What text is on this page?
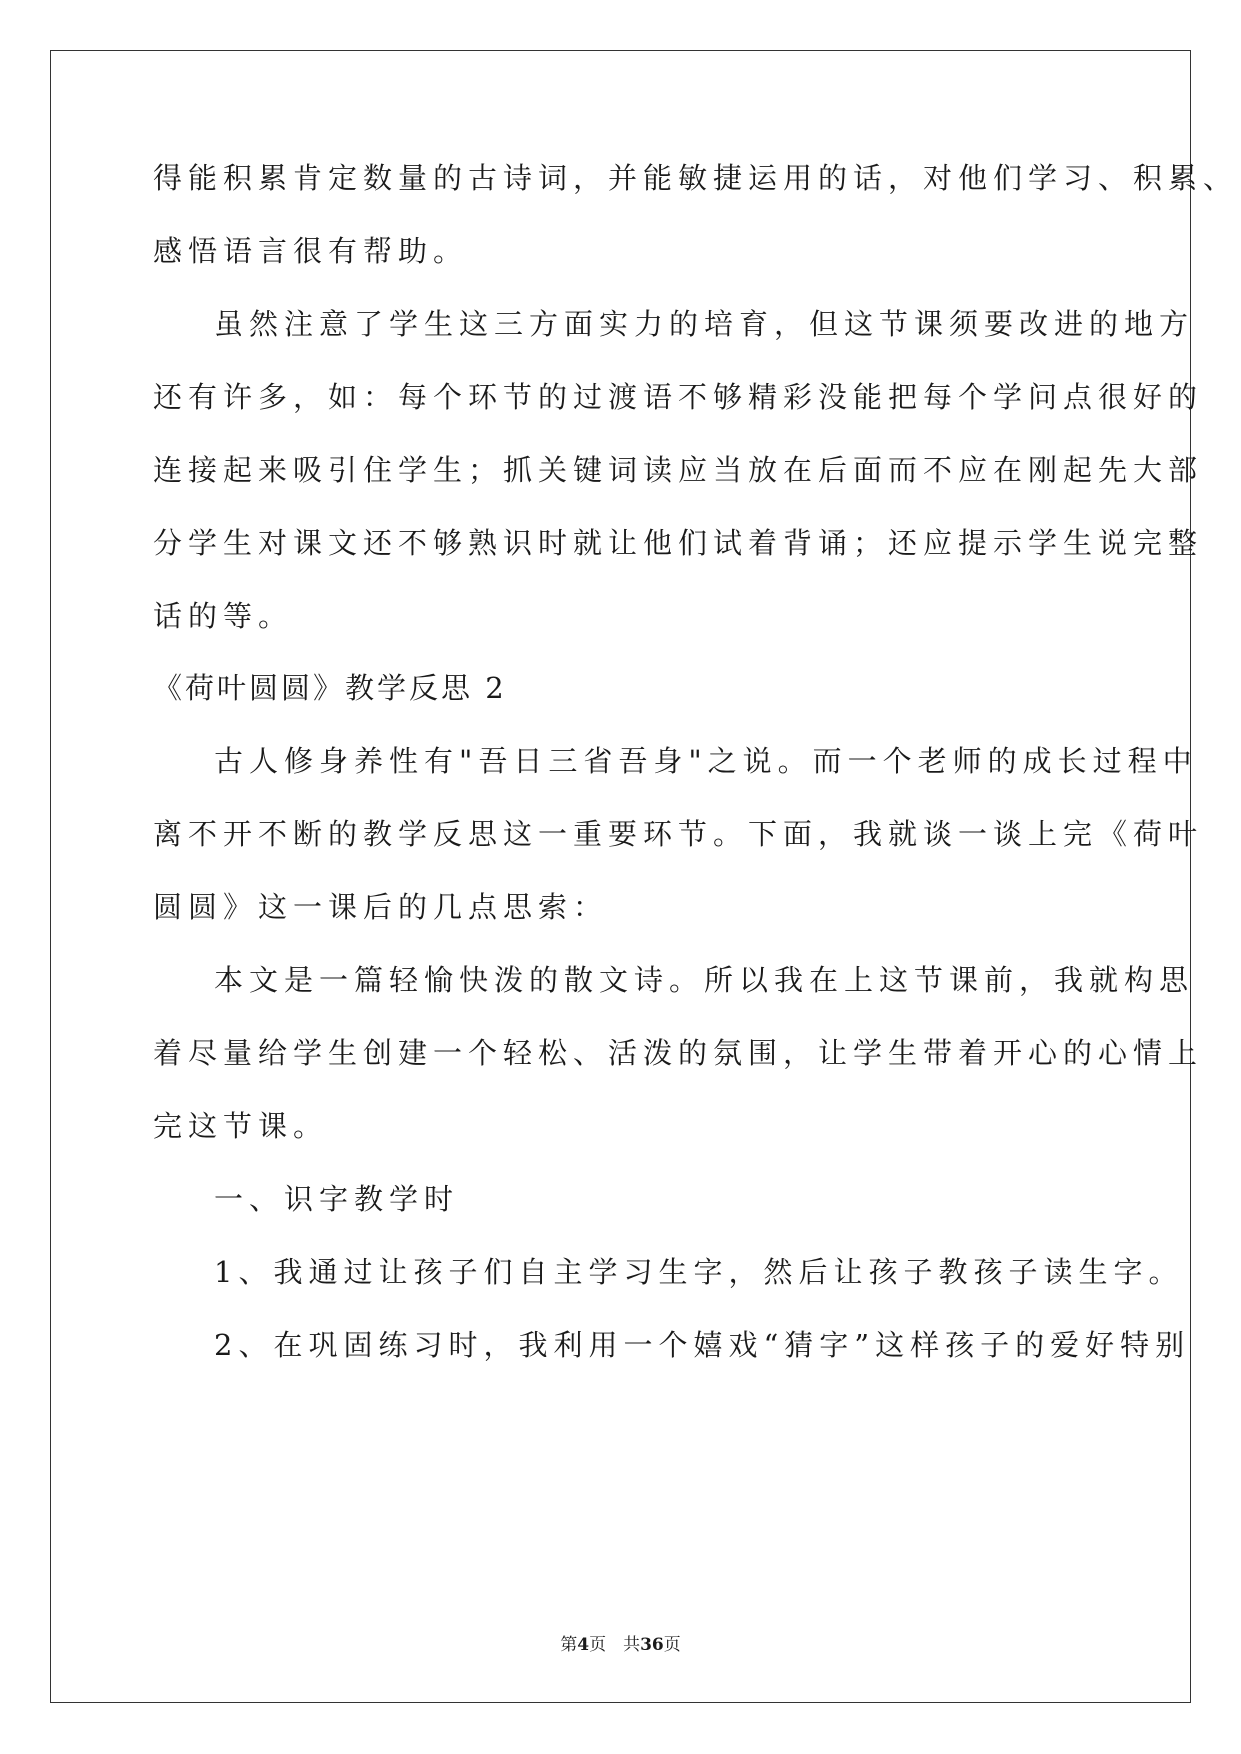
得能积累肯定数量的古诗词，并能敏捷运用的话，对他们学习、积累、
感悟语言很有帮助。
虽然注意了学生这三方面实力的培育，但这节课须要改进的地方
还有许多，如：每个环节的过渡语不够精彩没能把每个学问点很好的
连接起来吸引住学生；抓关键词读应当放在后面而不应在刚起先大部
分学生对课文还不够熟识时就让他们试着背诵；还应提示学生说完整
话的等。
《荷叶圆圆》教学反思 2
古人修身养性有"吾日三省吾身"之说。而一个老师的成长过程中
离不开不断的教学反思这一重要环节。下面，我就谈一谈上完《荷叶
圆圆》这一课后的几点思索：
本文是一篇轻愉快泼的散文诗。所以我在上这节课前，我就构思
着尽量给学生创建一个轻松、活泼的氛围，让学生带着开心的心情上
完这节课。
一、识字教学时
1、我通过让孩子们自主学习生字，然后让孩子教孩子读生字。
2、在巩固练习时，我利用一个嬉戏“猜字”这样孩子的爱好特别
第4页　共36页
